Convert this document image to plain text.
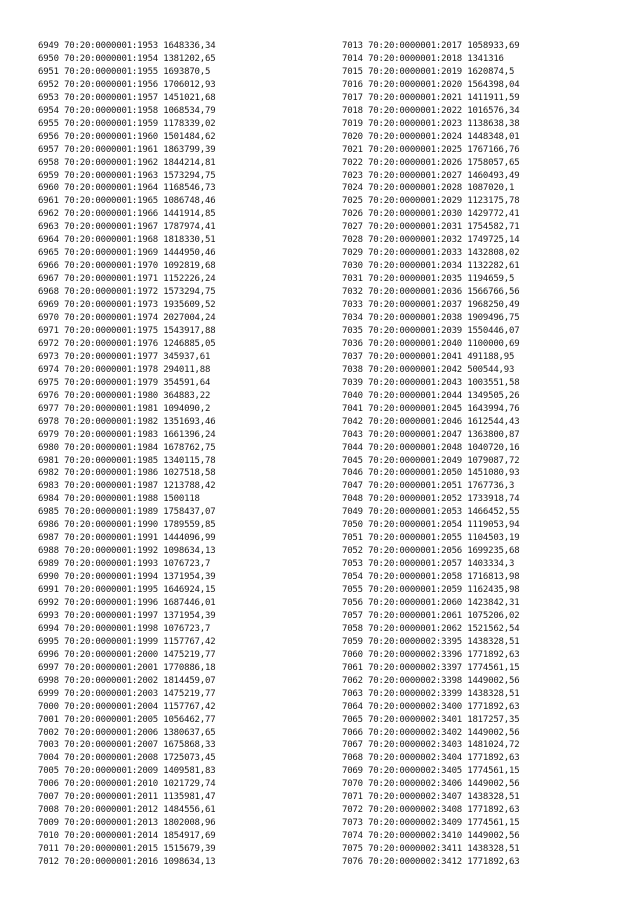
6949 70:20:0000001:1953 1648336,34
6950 70:20:0000001:1954 1381202,65
6951 70:20:0000001:1955 1693870,5
6952 70:20:0000001:1956 1706012,93
6953 70:20:0000001:1957 1451021,68
6954 70:20:0000001:1958 1068534,79
6955 70:20:0000001:1959 1178339,02
6956 70:20:0000001:1960 1501484,62
6957 70:20:0000001:1961 1863799,39
6958 70:20:0000001:1962 1844214,81
6959 70:20:0000001:1963 1573294,75
6960 70:20:0000001:1964 1168546,73
6961 70:20:0000001:1965 1086748,46
6962 70:20:0000001:1966 1441914,85
6963 70:20:0000001:1967 1787974,41
6964 70:20:0000001:1968 1818330,51
6965 70:20:0000001:1969 1444950,46
6966 70:20:0000001:1970 1092819,68
6967 70:20:0000001:1971 1152226,24
6968 70:20:0000001:1972 1573294,75
6969 70:20:0000001:1973 1935609,52
6970 70:20:0000001:1974 2027004,24
6971 70:20:0000001:1975 1543917,88
6972 70:20:0000001:1976 1246885,05
6973 70:20:0000001:1977 345937,61
6974 70:20:0000001:1978 294011,88
6975 70:20:0000001:1979 354591,64
6976 70:20:0000001:1980 364883,22
6977 70:20:0000001:1981 1094090,2
6978 70:20:0000001:1982 1351693,46
6979 70:20:0000001:1983 1661396,24
6980 70:20:0000001:1984 1678762,75
6981 70:20:0000001:1985 1340115,78
6982 70:20:0000001:1986 1027518,58
6983 70:20:0000001:1987 1213788,42
6984 70:20:0000001:1988 1500118
6985 70:20:0000001:1989 1758437,07
6986 70:20:0000001:1990 1789559,85
6987 70:20:0000001:1991 1444096,99
6988 70:20:0000001:1992 1098634,13
6989 70:20:0000001:1993 1076723,7
6990 70:20:0000001:1994 1371954,39
6991 70:20:0000001:1995 1646924,15
6992 70:20:0000001:1996 1687446,01
6993 70:20:0000001:1997 1371954,39
6994 70:20:0000001:1998 1076723,7
6995 70:20:0000001:1999 1157767,42
6996 70:20:0000001:2000 1475219,77
6997 70:20:0000001:2001 1770886,18
6998 70:20:0000001:2002 1814459,07
6999 70:20:0000001:2003 1475219,77
7000 70:20:0000001:2004 1157767,42
7001 70:20:0000001:2005 1056462,77
7002 70:20:0000001:2006 1380637,65
7003 70:20:0000001:2007 1675868,33
7004 70:20:0000001:2008 1725073,45
7005 70:20:0000001:2009 1409581,83
7006 70:20:0000001:2010 1021729,74
7007 70:20:0000001:2011 1135981,47
7008 70:20:0000001:2012 1484556,61
7009 70:20:0000001:2013 1802008,96
7010 70:20:0000001:2014 1854917,69
7011 70:20:0000001:2015 1515679,39
7012 70:20:0000001:2016 1098634,13
7013 70:20:0000001:2017 1058933,69
7014 70:20:0000001:2018 1341316
7015 70:20:0000001:2019 1620874,5
7016 70:20:0000001:2020 1564398,04
7017 70:20:0000001:2021 1411911,59
7018 70:20:0000001:2022 1016576,34
7019 70:20:0000001:2023 1138638,38
7020 70:20:0000001:2024 1448348,01
7021 70:20:0000001:2025 1767166,76
7022 70:20:0000001:2026 1758057,65
7023 70:20:0000001:2027 1460493,49
7024 70:20:0000001:2028 1087020,1
7025 70:20:0000001:2029 1123175,78
7026 70:20:0000001:2030 1429772,41
7027 70:20:0000001:2031 1754582,71
7028 70:20:0000001:2032 1749725,14
7029 70:20:0000001:2033 1432808,02
7030 70:20:0000001:2034 1132282,61
7031 70:20:0000001:2035 1194659,5
7032 70:20:0000001:2036 1566766,56
7033 70:20:0000001:2037 1968250,49
7034 70:20:0000001:2038 1909496,75
7035 70:20:0000001:2039 1550446,07
7036 70:20:0000001:2040 1100000,69
7037 70:20:0000001:2041 491188,95
7038 70:20:0000001:2042 500544,93
7039 70:20:0000001:2043 1003551,58
7040 70:20:0000001:2044 1349505,26
7041 70:20:0000001:2045 1643994,76
7042 70:20:0000001:2046 1612544,43
7043 70:20:0000001:2047 1363800,87
7044 70:20:0000001:2048 1040720,16
7045 70:20:0000001:2049 1079087,72
7046 70:20:0000001:2050 1451080,93
7047 70:20:0000001:2051 1767736,3
7048 70:20:0000001:2052 1733918,74
7049 70:20:0000001:2053 1466452,55
7050 70:20:0000001:2054 1119053,94
7051 70:20:0000001:2055 1104503,19
7052 70:20:0000001:2056 1699235,68
7053 70:20:0000001:2057 1403334,3
7054 70:20:0000001:2058 1716813,98
7055 70:20:0000001:2059 1162435,98
7056 70:20:0000001:2060 1423842,31
7057 70:20:0000001:2061 1075206,02
7058 70:20:0000001:2062 1521562,54
7059 70:20:0000002:3395 1438328,51
7060 70:20:0000002:3396 1771892,63
7061 70:20:0000002:3397 1774561,15
7062 70:20:0000002:3398 1449002,56
7063 70:20:0000002:3399 1438328,51
7064 70:20:0000002:3400 1771892,63
7065 70:20:0000002:3401 1817257,35
7066 70:20:0000002:3402 1449002,56
7067 70:20:0000002:3403 1481024,72
7068 70:20:0000002:3404 1771892,63
7069 70:20:0000002:3405 1774561,15
7070 70:20:0000002:3406 1449002,56
7071 70:20:0000002:3407 1438328,51
7072 70:20:0000002:3408 1771892,63
7073 70:20:0000002:3409 1774561,15
7074 70:20:0000002:3410 1449002,56
7075 70:20:0000002:3411 1438328,51
7076 70:20:0000002:3412 1771892,63
